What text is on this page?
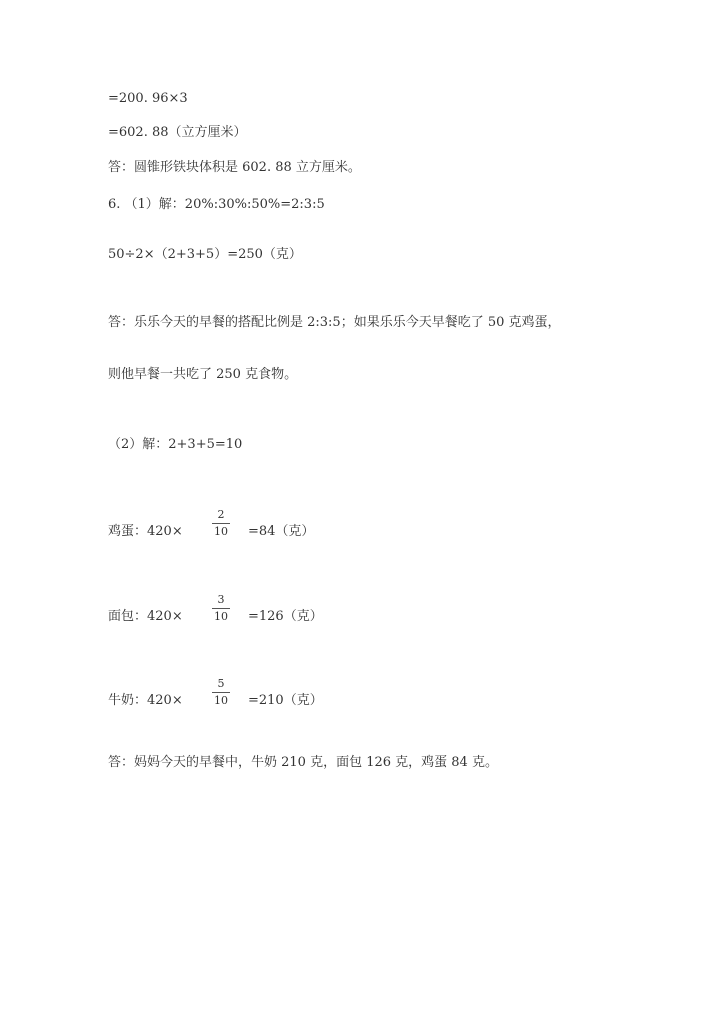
=200. 96×3
=602. 88（立方厘米）
答：圆锥形铁块体积是 602. 88 立方厘米。
6. （1）解：20%:30%:50%=2:3:5
50÷2×（2+3+5）=250（克）
答：乐乐今天的早餐的搭配比例是 2:3:5；如果乐乐今天早餐吃了 50 克鸡蛋，
则他早餐一共吃了 250 克食物。
（2）解：2+3+5=10
鸡蛋：420×
2
10 =84（克）
面包：420×
3
10 =126（克）
牛奶：420×
5
10 =210（克）
答：妈妈今天的早餐中，牛奶 210 克，面包 126 克，鸡蛋 84 克。
